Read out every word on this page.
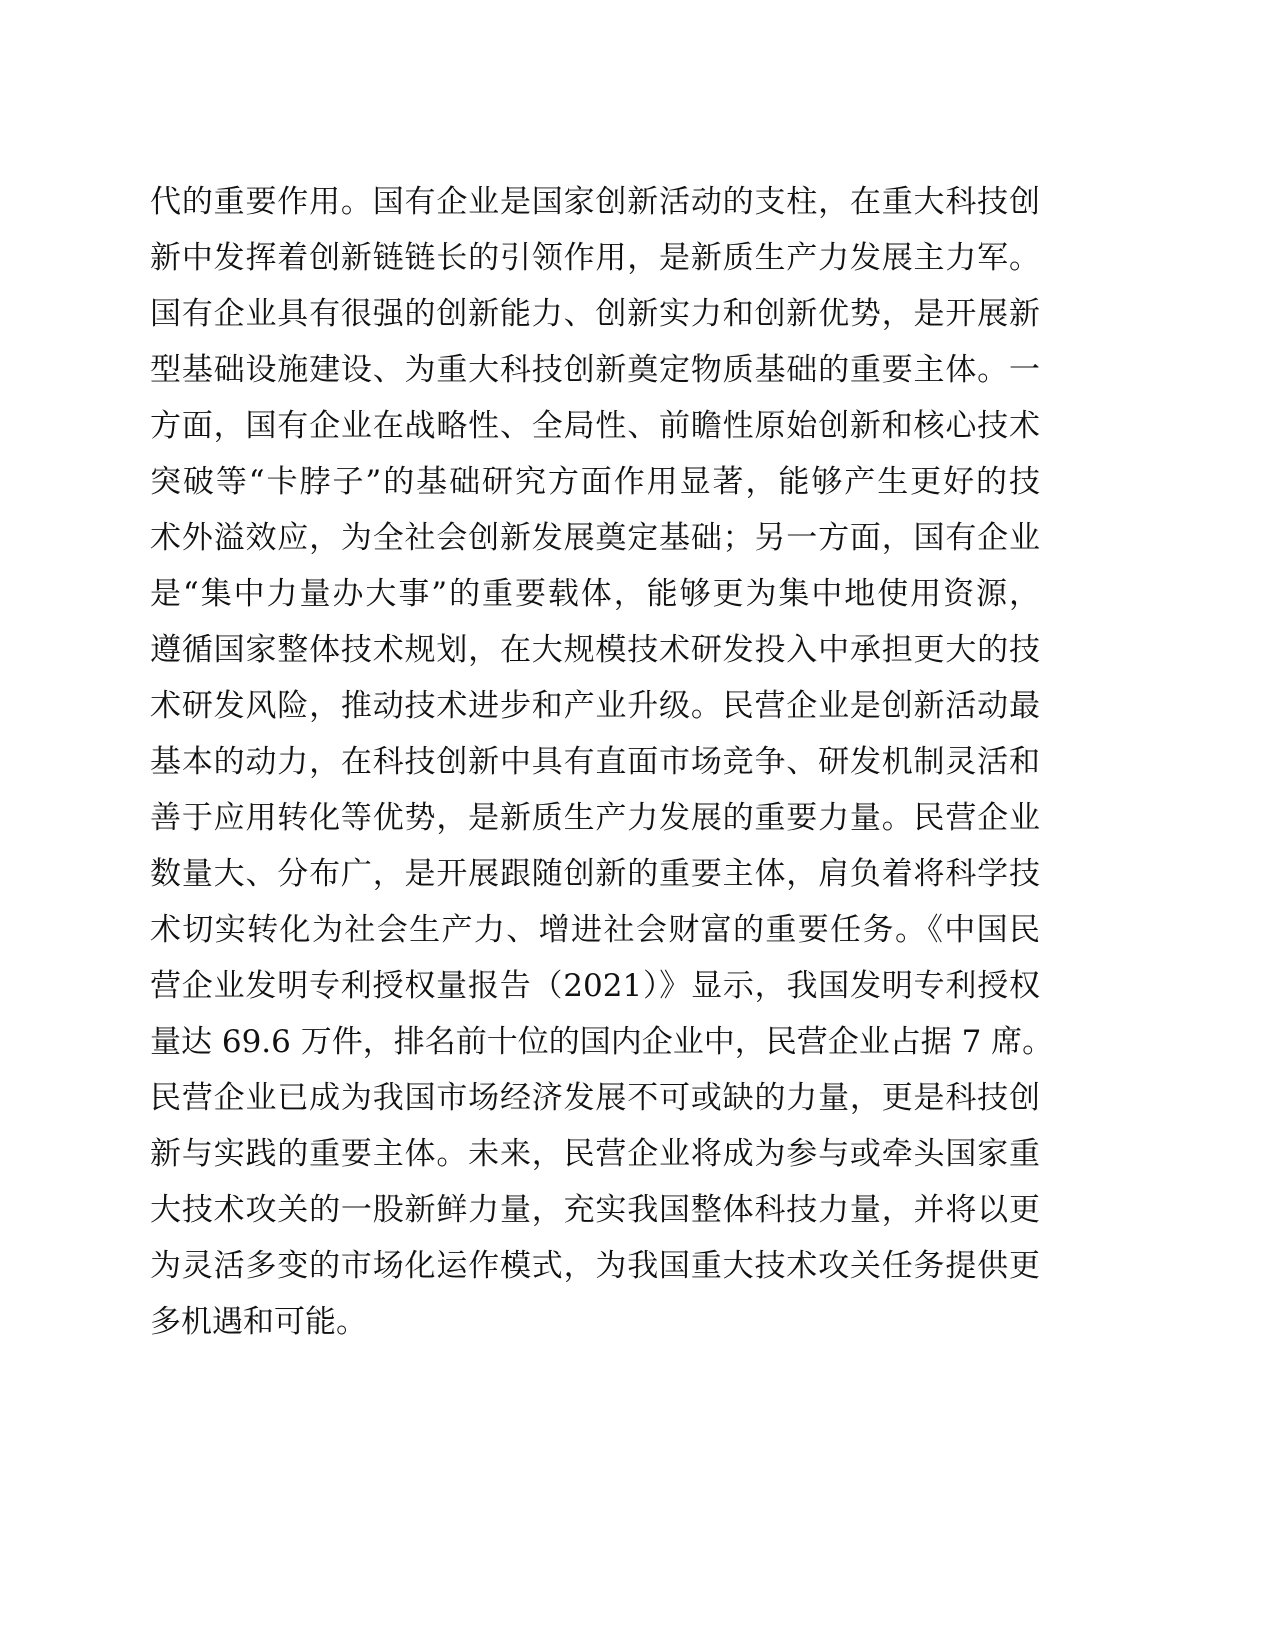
代的重要作用。国有企业是国家创新活动的支柱，在重大科技创
新中发挥着创新链链长的引领作用，是新质生产力发展主力军。
国有企业具有很强的创新能力、创新实力和创新优势，是开展新
型基础设施建设、为重大科技创新奠定物质基础的重要主体。一
方面，国有企业在战略性、全局性、前瞻性原始创新和核心技术
突破等“卡脖子”的基础研究方面作用显著，能够产生更好的技
术外溢效应，为全社会创新发展奠定基础；另一方面，国有企业
是“集中力量办大事”的重要载体，能够更为集中地使用资源，
遵循国家整体技术规划，在大规模技术研发投入中承担更大的技
术研发风险，推动技术进步和产业升级。民营企业是创新活动最
基本的动力，在科技创新中具有直面市场竞争、研发机制灵活和
善于应用转化等优势，是新质生产力发展的重要力量。民营企业
数量大、分布广，是开展跟随创新的重要主体，肩负着将科学技
术切实转化为社会生产力、增进社会财富的重要任务。《中国民
营企业发明专利授权量报告（2021）》显示，我国发明专利授权
量达 69.6 万件，排名前十位的国内企业中，民营企业占据 7 席。
民营企业已成为我国市场经济发展不可或缺的力量，更是科技创
新与实践的重要主体。未来，民营企业将成为参与或牵头国家重
大技术攻关的一股新鲜力量，充实我国整体科技力量，并将以更
为灵活多变的市场化运作模式，为我国重大技术攻关任务提供更
多机遇和可能。
